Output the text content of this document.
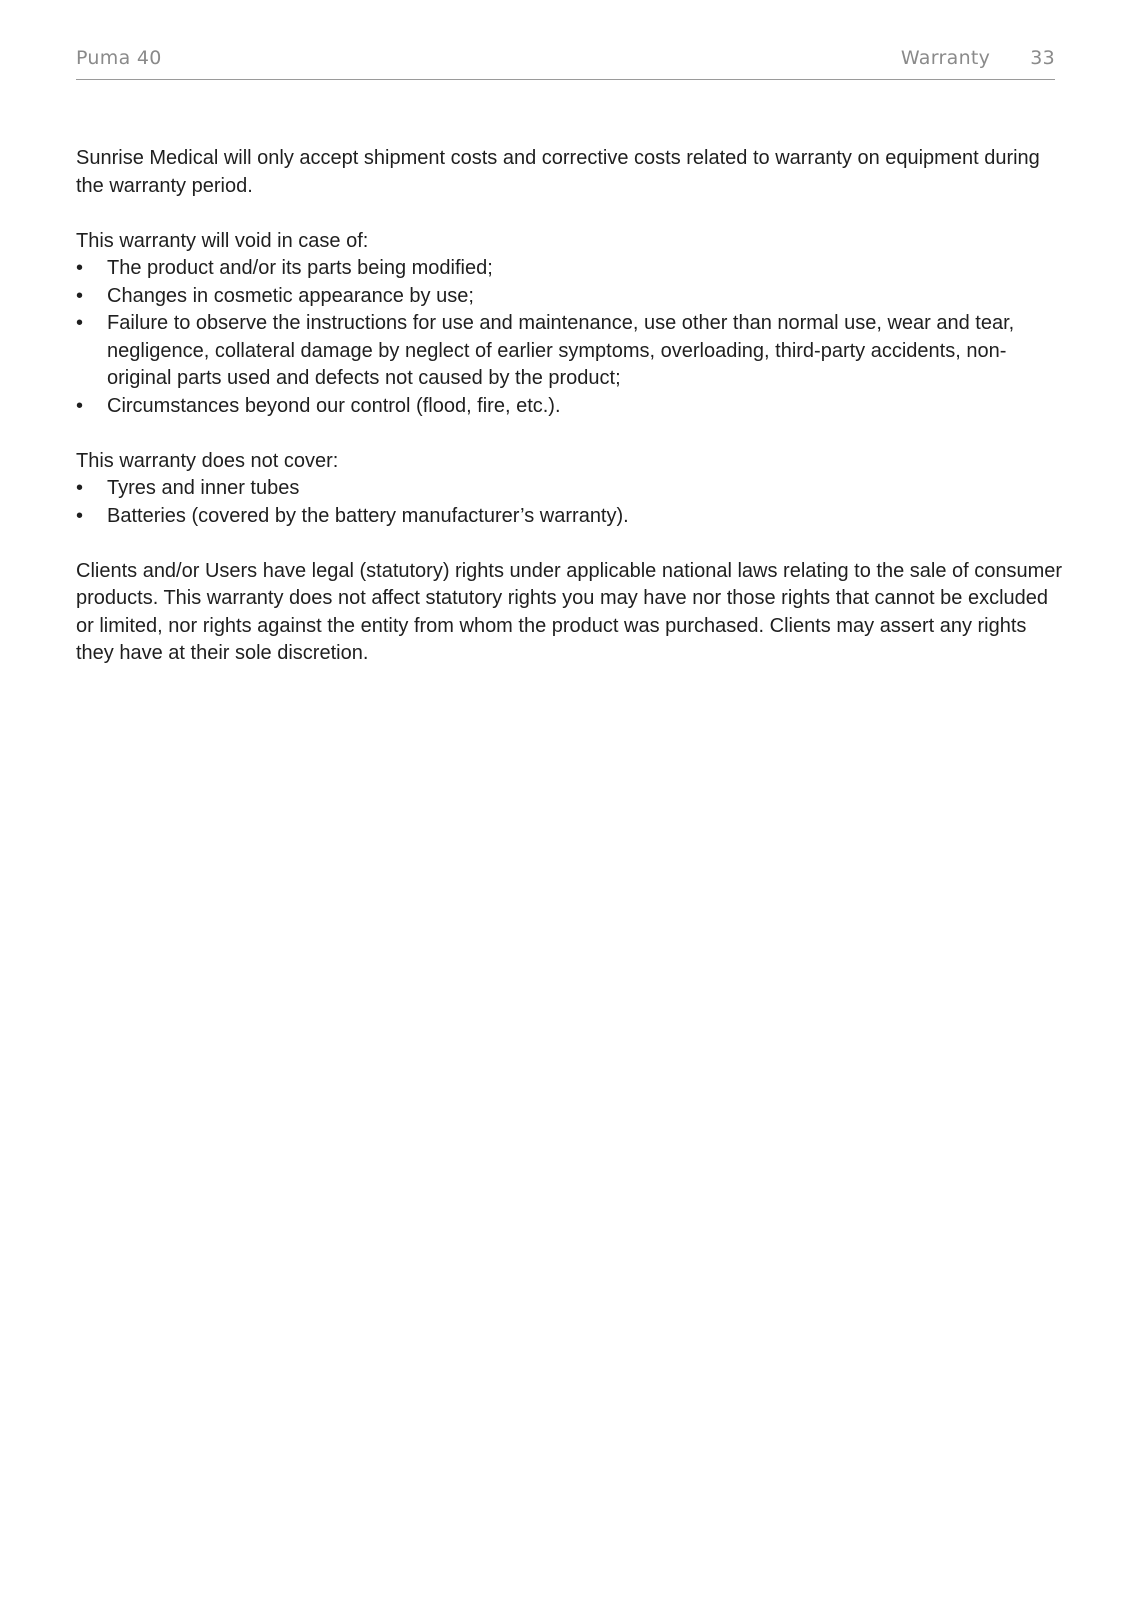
Puma 40	Warranty 33

Sunrise Medical will only accept shipment costs and corrective costs related to warranty on equipment during the warranty period.

This warranty will void in case of:

• The product and/or its parts being modified;
• Changes in cosmetic appearance by use;
• Failure to observe the instructions for use and maintenance, use other than normal use, wear and tear, negligence, collateral damage by neglect of earlier symptoms, overloading, third-party accidents, non-original parts used and defects not caused by the product;
• Circumstances beyond our control (flood, fire, etc.).

This warranty does not cover:

• Tyres and inner tubes
• Batteries (covered by the battery manufacturer’s warranty).

Clients and/or Users have legal (statutory) rights under applicable national laws relating to the sale of consumer products. This warranty does not affect statutory rights you may have nor those rights that cannot be excluded or limited, nor rights against the entity from whom the product was purchased. Clients may assert any rights they have at their sole discretion.
